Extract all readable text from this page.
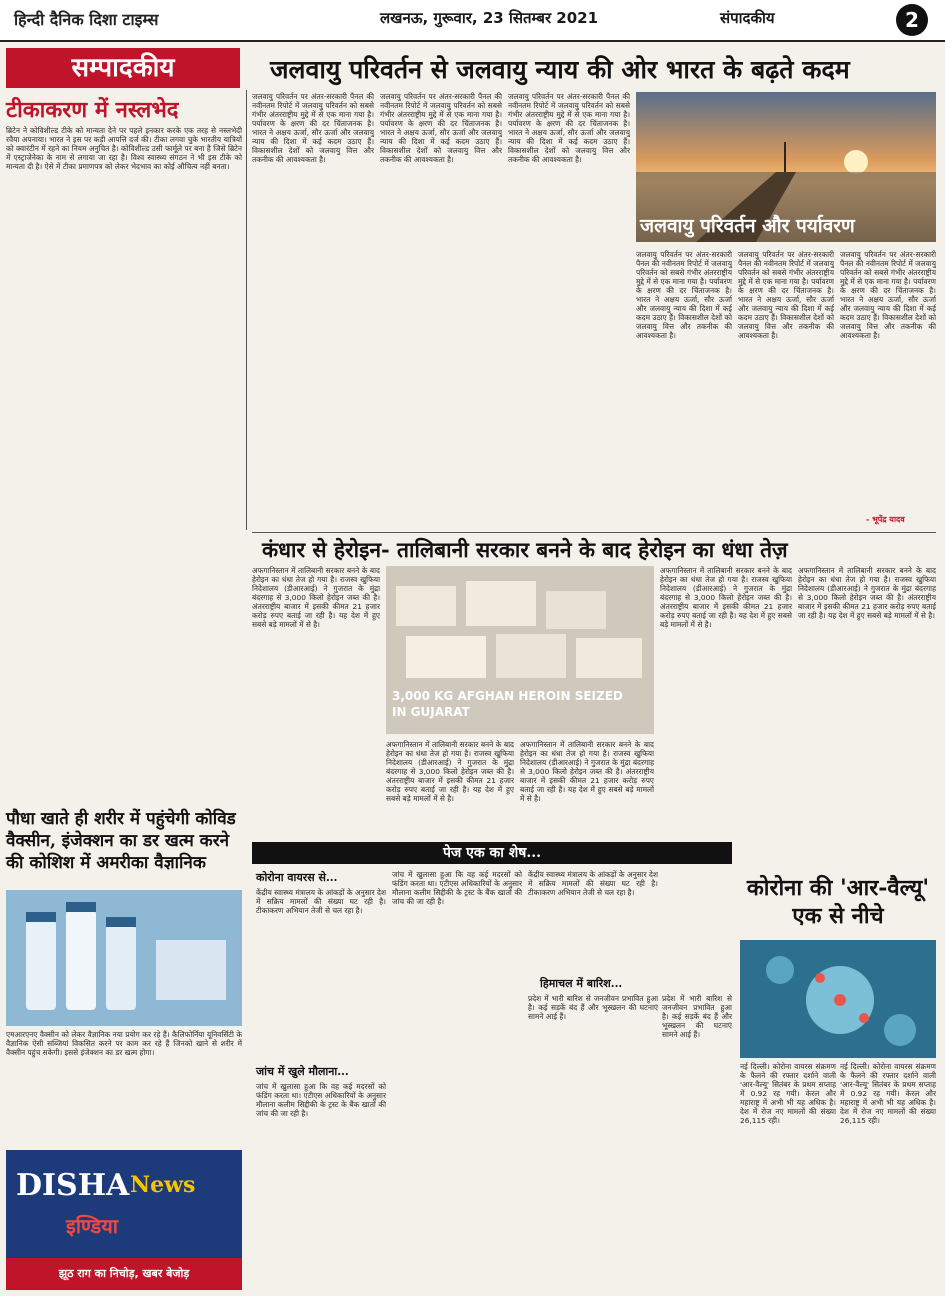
हिन्दी दैनिक दिशा टाइम्स	लखनऊ, गुरूवार, 23 सितम्बर 2021	संपादकीय	2
सम्पादकीय
टीकाकरण में नस्लभेद

ब्रिटेन ने कोविशील्ड टीके को मान्यता देने पर पहले इनकार करके एक तरह से नस्लभेदी रवैया अपनाया। भारत ने इस पर कड़ी आपत्ति दर्ज की। टीका लगवा चुके भारतीय यात्रियों को क्वारंटीन में रहने का नियम अनुचित है। कोविशील्ड उसी फार्मूले पर बना है जिसे ब्रिटेन में एस्ट्राजेनेका के नाम से लगाया जा रहा है। विश्व स्वास्थ्य संगठन ने भी इस टीके को मान्यता दी है। ऐसे में टीका प्रमाणपत्र को लेकर भेदभाव का कोई औचित्य नहीं बनता।

जलवायु परिवर्तन से जलवायु न्याय की ओर भारत के बढ़ते कदम

जलवायु परिवर्तन पर अंतर-सरकारी पैनल की नवीनतम रिपोर्ट में जलवायु परिवर्तन को सबसे गंभीर अंतरराष्ट्रीय मुद्दे में से एक माना गया है। पर्यावरण के क्षरण की दर चिंताजनक है। भारत ने अक्षय ऊर्जा, सौर ऊर्जा और जलवायु न्याय की दिशा में कई कदम उठाए हैं। विकासशील देशों को जलवायु वित्त और तकनीक की आवश्यकता है।

जलवायु परिवर्तन पर अंतर-सरकारी पैनल की नवीनतम रिपोर्ट में जलवायु परिवर्तन को सबसे गंभीर अंतरराष्ट्रीय मुद्दे में से एक माना गया है। पर्यावरण के क्षरण की दर चिंताजनक है। भारत ने अक्षय ऊर्जा, सौर ऊर्जा और जलवायु न्याय की दिशा में कई कदम उठाए हैं। विकासशील देशों को जलवायु वित्त और तकनीक की आवश्यकता है।

जलवायु परिवर्तन पर अंतर-सरकारी पैनल की नवीनतम रिपोर्ट में जलवायु परिवर्तन को सबसे गंभीर अंतरराष्ट्रीय मुद्दे में से एक माना गया है। पर्यावरण के क्षरण की दर चिंताजनक है। भारत ने अक्षय ऊर्जा, सौर ऊर्जा और जलवायु न्याय की दिशा में कई कदम उठाए हैं। विकासशील देशों को जलवायु वित्त और तकनीक की आवश्यकता है।

जलवायु परिवर्तन और पर्यावरण

जलवायु परिवर्तन पर अंतर-सरकारी पैनल की नवीनतम रिपोर्ट में जलवायु परिवर्तन को सबसे गंभीर अंतरराष्ट्रीय मुद्दे में से एक माना गया है। पर्यावरण के क्षरण की दर चिंताजनक है। भारत ने अक्षय ऊर्जा, सौर ऊर्जा और जलवायु न्याय की दिशा में कई कदम उठाए हैं। विकासशील देशों को जलवायु वित्त और तकनीक की आवश्यकता है।

जलवायु परिवर्तन पर अंतर-सरकारी पैनल की नवीनतम रिपोर्ट में जलवायु परिवर्तन को सबसे गंभीर अंतरराष्ट्रीय मुद्दे में से एक माना गया है। पर्यावरण के क्षरण की दर चिंताजनक है। भारत ने अक्षय ऊर्जा, सौर ऊर्जा और जलवायु न्याय की दिशा में कई कदम उठाए हैं। विकासशील देशों को जलवायु वित्त और तकनीक की आवश्यकता है।

जलवायु परिवर्तन पर अंतर-सरकारी पैनल की नवीनतम रिपोर्ट में जलवायु परिवर्तन को सबसे गंभीर अंतरराष्ट्रीय मुद्दे में से एक माना गया है। पर्यावरण के क्षरण की दर चिंताजनक है। भारत ने अक्षय ऊर्जा, सौर ऊर्जा और जलवायु न्याय की दिशा में कई कदम उठाए हैं। विकासशील देशों को जलवायु वित्त और तकनीक की आवश्यकता है।

- भूपेंद्र यादव
कंधार से हेरोइन- तालिबानी सरकार बनने के बाद हेरोइन का धंधा तेज़

अफगानिस्तान में तालिबानी सरकार बनने के बाद हेरोइन का धंधा तेज हो गया है। राजस्व खुफिया निदेशालय (डीआरआई) ने गुजरात के मुंद्रा बंदरगाह से 3,000 किलो हेरोइन जब्त की है। अंतरराष्ट्रीय बाजार में इसकी कीमत 21 हजार करोड़ रुपए बताई जा रही है। यह देश में हुए सबसे बड़े मामलों में से है।

3,000 KG AFGHAN HEROIN SEIZED IN GUJARAT

अफगानिस्तान में तालिबानी सरकार बनने के बाद हेरोइन का धंधा तेज हो गया है। राजस्व खुफिया निदेशालय (डीआरआई) ने गुजरात के मुंद्रा बंदरगाह से 3,000 किलो हेरोइन जब्त की है। अंतरराष्ट्रीय बाजार में इसकी कीमत 21 हजार करोड़ रुपए बताई जा रही है। यह देश में हुए सबसे बड़े मामलों में से है।

अफगानिस्तान में तालिबानी सरकार बनने के बाद हेरोइन का धंधा तेज हो गया है। राजस्व खुफिया निदेशालय (डीआरआई) ने गुजरात के मुंद्रा बंदरगाह से 3,000 किलो हेरोइन जब्त की है। अंतरराष्ट्रीय बाजार में इसकी कीमत 21 हजार करोड़ रुपए बताई जा रही है। यह देश में हुए सबसे बड़े मामलों में से है।

अफगानिस्तान में तालिबानी सरकार बनने के बाद हेरोइन का धंधा तेज हो गया है। राजस्व खुफिया निदेशालय (डीआरआई) ने गुजरात के मुंद्रा बंदरगाह से 3,000 किलो हेरोइन जब्त की है। अंतरराष्ट्रीय बाजार में इसकी कीमत 21 हजार करोड़ रुपए बताई जा रही है। यह देश में हुए सबसे बड़े मामलों में से है।

अफगानिस्तान में तालिबानी सरकार बनने के बाद हेरोइन का धंधा तेज हो गया है। राजस्व खुफिया निदेशालय (डीआरआई) ने गुजरात के मुंद्रा बंदरगाह से 3,000 किलो हेरोइन जब्त की है। अंतरराष्ट्रीय बाजार में इसकी कीमत 21 हजार करोड़ रुपए बताई जा रही है। यह देश में हुए सबसे बड़े मामलों में से है।

पौधा खाते ही शरीर में पहुंचेगी कोविड वैक्सीन, इंजेक्शन का डर खत्म करने की कोशिश में अमरीका वैज्ञानिक

एमआरएनए वैक्सीन को लेकर वैज्ञानिक नया प्रयोग कर रहे हैं। कैलिफोर्निया यूनिवर्सिटी के वैज्ञानिक ऐसी सब्जियां विकसित करने पर काम कर रहे हैं जिनको खाने से शरीर में वैक्सीन पहुंच सकेगी। इससे इंजेक्शन का डर खत्म होगा।

DISHA News
इण्डिया
झूठ राग का निचोड़, खबर बेजोड़
पेज एक का शेष...
कोरोना वायरस से...

केंद्रीय स्वास्थ्य मंत्रालय के आंकड़ों के अनुसार देश में सक्रिय मामलों की संख्या घट रही है। टीकाकरण अभियान तेजी से चल रहा है।

जांच में खुले मौलाना...

जांच में खुलासा हुआ कि वह कई मदरसों को फंडिंग करता था। एटीएस अधिकारियों के अनुसार मौलाना कलीम सिद्दीकी के ट्रस्ट के बैंक खातों की जांच की जा रही है।

जांच में खुलासा हुआ कि वह कई मदरसों को फंडिंग करता था। एटीएस अधिकारियों के अनुसार मौलाना कलीम सिद्दीकी के ट्रस्ट के बैंक खातों की जांच की जा रही है।

केंद्रीय स्वास्थ्य मंत्रालय के आंकड़ों के अनुसार देश में सक्रिय मामलों की संख्या घट रही है। टीकाकरण अभियान तेजी से चल रहा है।

हिमाचल में बारिश...

प्रदेश में भारी बारिश से जनजीवन प्रभावित हुआ है। कई सड़कें बंद हैं और भूस्खलन की घटनाएं सामने आई हैं।

प्रदेश में भारी बारिश से जनजीवन प्रभावित हुआ है। कई सड़कें बंद हैं और भूस्खलन की घटनाएं सामने आई हैं।

कोरोना की 'आर-वैल्यू' एक से नीचे

नई दिल्ली। कोरोना वायरस संक्रमण के फैलने की रफ्तार दर्शाने वाली 'आर-वैल्यू' सितंबर के प्रथम सप्ताह में 0.92 रह गयी। केरल और महाराष्ट्र में अभी भी यह अधिक है। देश में रोज नए मामलों की संख्या 26,115 रही।

नई दिल्ली। कोरोना वायरस संक्रमण के फैलने की रफ्तार दर्शाने वाली 'आर-वैल्यू' सितंबर के प्रथम सप्ताह में 0.92 रह गयी। केरल और महाराष्ट्र में अभी भी यह अधिक है। देश में रोज नए मामलों की संख्या 26,115 रही।
